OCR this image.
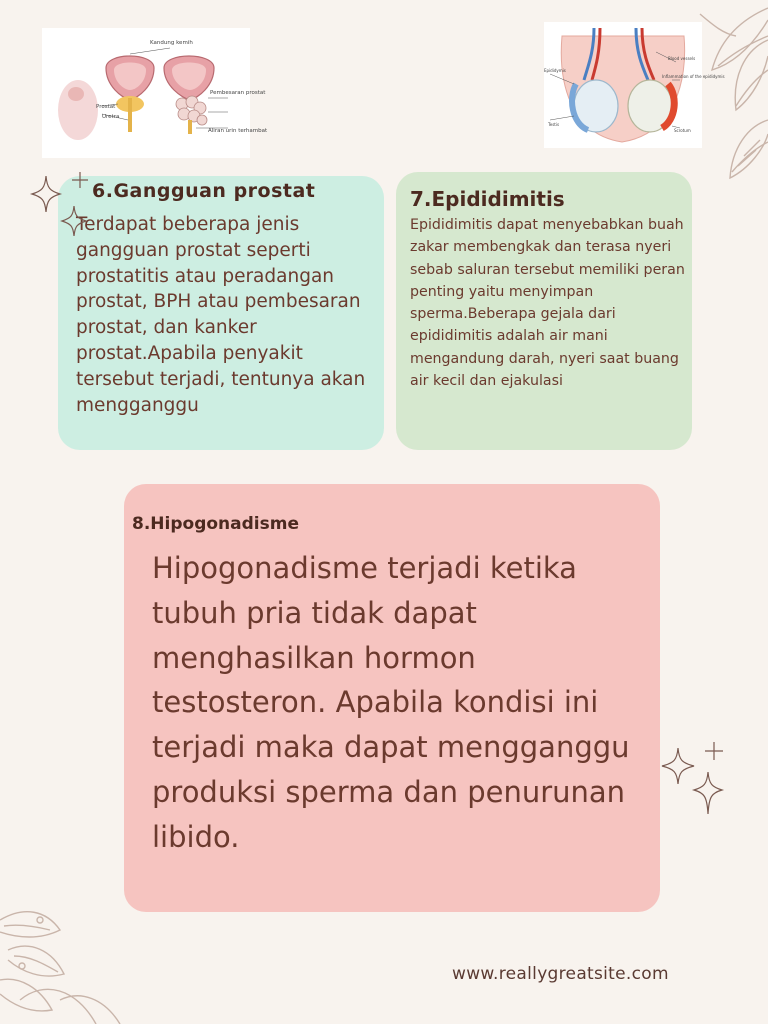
Kandung kemih
Uretra
Prostat
Pembesaran prostat
Aliran urin terhambat
Blood vessels
Epididymis
Inflammation of the epididymis
Testis
Scrotum
6.Gangguan prostat

Terdapat beberapa jenis gangguan prostat seperti prostatitis atau peradangan prostat, BPH atau pembesaran prostat, dan kanker prostat.Apabila penyakit tersebut terjadi, tentunya akan mengganggu

7.Epididimitis

Epididimitis dapat menyebabkan buah zakar membengkak dan terasa nyeri sebab saluran tersebut memiliki peran penting yaitu menyimpan sperma.Beberapa gejala dari epididimitis adalah air mani mengandung darah, nyeri saat buang air kecil dan ejakulasi

8.Hipogonadisme

Hipogonadisme terjadi ketika tubuh pria tidak dapat menghasilkan hormon testosteron. Apabila kondisi ini terjadi maka dapat mengganggu produksi sperma dan penurunan libido.

www.reallygreatsite.com
